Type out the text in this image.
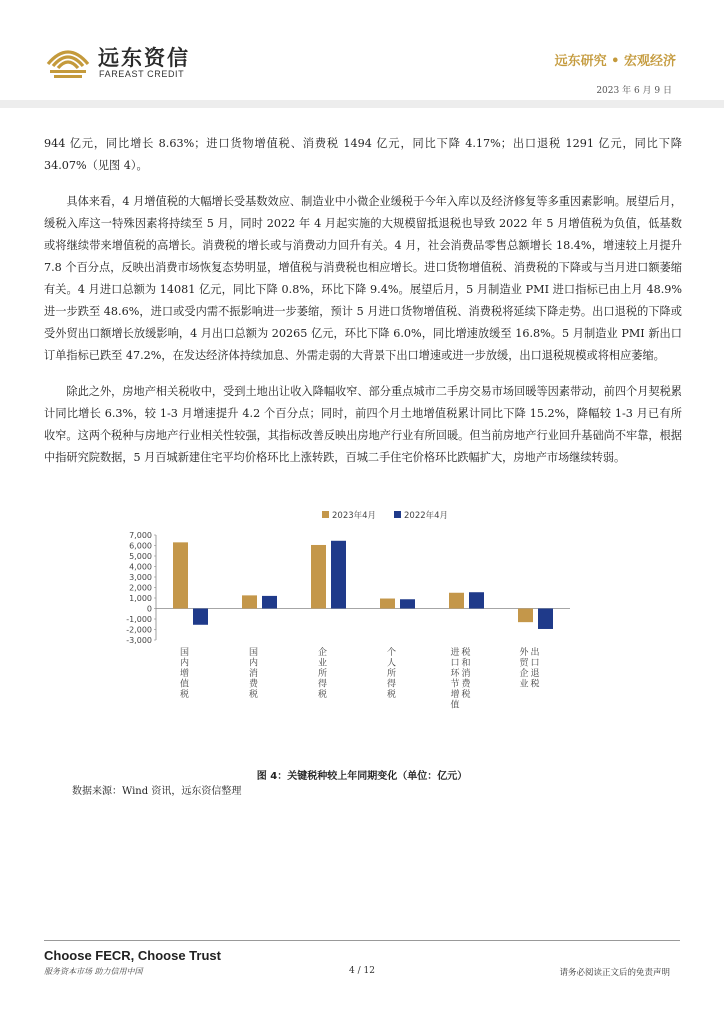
远东资信
FAREAST CREDIT
远东研究 • 宏观经济
2023 年 6 月 9 日

944 亿元，同比增长 8.63%；进口货物增值税、消费税 1494 亿元，同比下降 4.17%；出口退税 1291 亿元，同比下降 34.07%（见图 4）。

　　具体来看，4 月增值税的大幅增长受基数效应、制造业中小微企业缓税于今年入库以及经济修复等多重因素影响。展望后月，缓税入库这一特殊因素将持续至 5 月，同时 2022 年 4 月起实施的大规模留抵退税也导致 2022 年 5 月增值税为负值，低基数或将继续带来增值税的高增长。消费税的增长或与消费动力回升有关。4 月，社会消费品零售总额增长 18.4%，增速较上月提升 7.8 个百分点，反映出消费市场恢复态势明显，增值税与消费税也相应增长。进口货物增值税、消费税的下降或与当月进口额萎缩有关。4 月进口总额为 14081 亿元，同比下降 0.8%，环比下降 9.4%。展望后月，5 月制造业 PMI 进口指标已由上月 48.9%进一步跌至 48.6%，进口或受内需不振影响进一步萎缩，预计 5 月进口货物增值税、消费税将延续下降走势。出口退税的下降或受外贸出口额增长放缓影响，4 月出口总额为 20265 亿元，环比下降 6.0%，同比增速放缓至 16.8%。5 月制造业 PMI 新出口订单指标已跌至 47.2%，在发达经济体持续加息、外需走弱的大背景下出口增速或进一步放缓，出口退税规模或将相应萎缩。

　　除此之外，房地产相关税收中，受到土地出让收入降幅收窄、部分重点城市二手房交易市场回暖等因素带动，前四个月契税累计同比增长 6.3%，较 1-3 月增速提升 4.2 个百分点；同时，前四个月土地增值税累计同比下降 15.2%，降幅较 1-3 月已有所收窄。这两个税种与房地产行业相关性较强，其指标改善反映出房地产行业有所回暖。但当前房地产行业回升基础尚不牢靠，根据中指研究院数据，5 月百城新建住宅平均价格环比上涨转跌，百城二手住宅价格环比跌幅扩大，房地产市场继续转弱。

2023年4月	2022年4月
7,000
6,000
5,000
4,000
3,000
2,000
1,000
0
-1,000
-2,000
-3,000
国
内
增
值
税
国
内
消
费
税
企
业
所
得
税
个
人
所
得
税
进
口
环
节
增
值
税
和
消
费
税
外
贸
企
业
出
口
退
税
图 4：关键税种较上年同期变化（单位：亿元）
数据来源：Wind 资讯，远东资信整理
Choose FECR, Choose Trust
服务资本市场 助力信用中国	4 / 12	请务必阅读正文后的免责声明
